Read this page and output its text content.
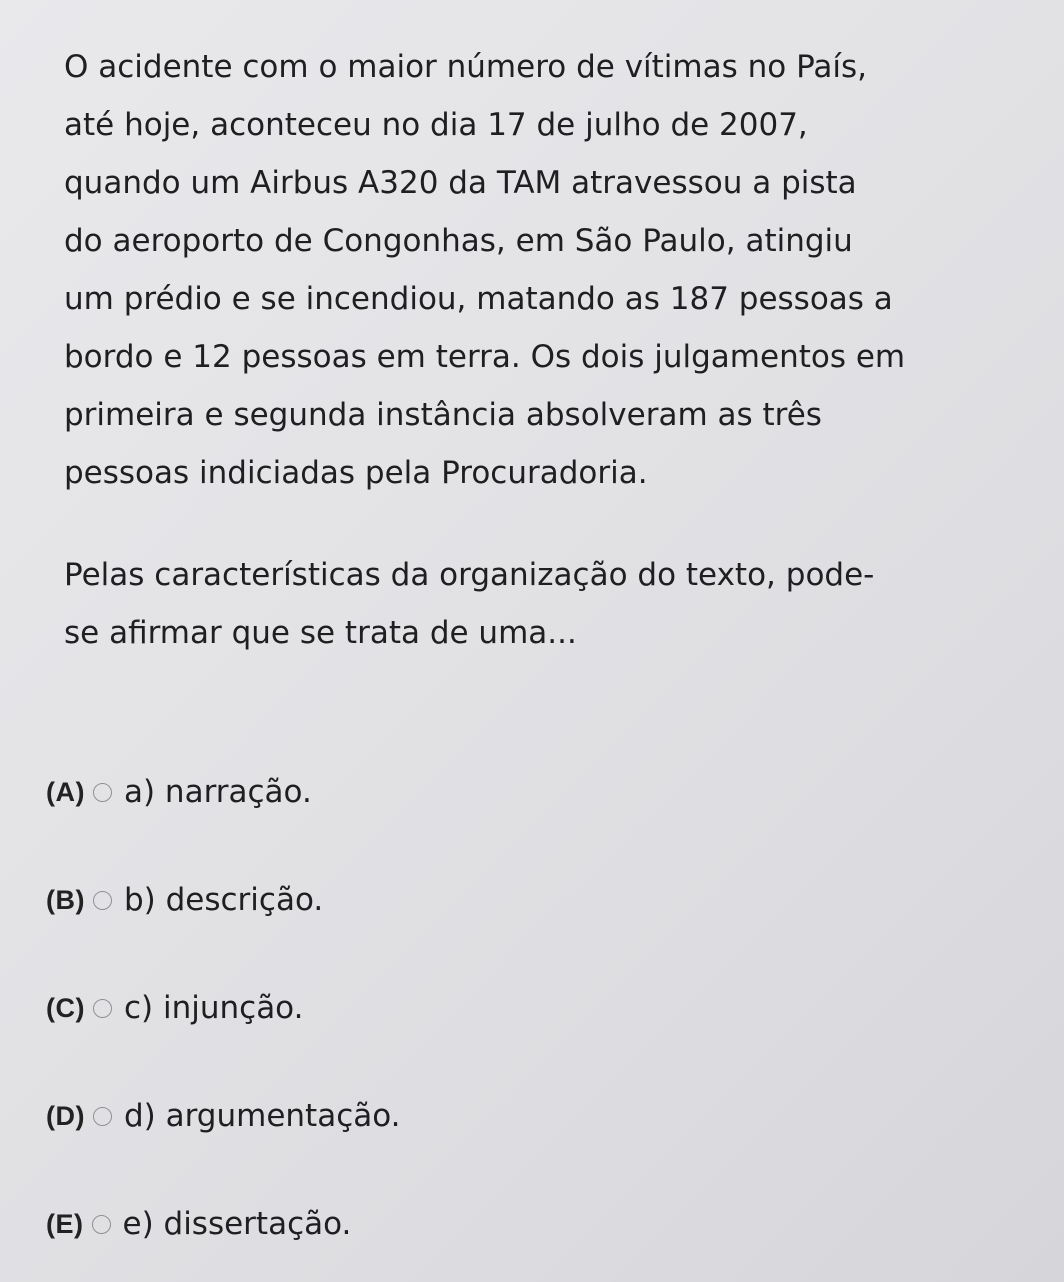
O acidente com o maior número de vítimas no País,
até hoje, aconteceu no dia 17 de julho de 2007,
quando um Airbus A320 da TAM atravessou a pista
do aeroporto de Congonhas, em São Paulo, atingiu
um prédio e se incendiou, matando as 187 pessoas a
bordo e 12 pessoas em terra. Os dois julgamentos em
primeira e segunda instância absolveram as três
pessoas indiciadas pela Procuradoria.
Pelas características da organização do texto, pode-
se afirmar que se trata de uma...
(A) a) narração.
(B) b) descrição.
(C) c) injunção.
(D) d) argumentação.
(E) e) dissertação.
